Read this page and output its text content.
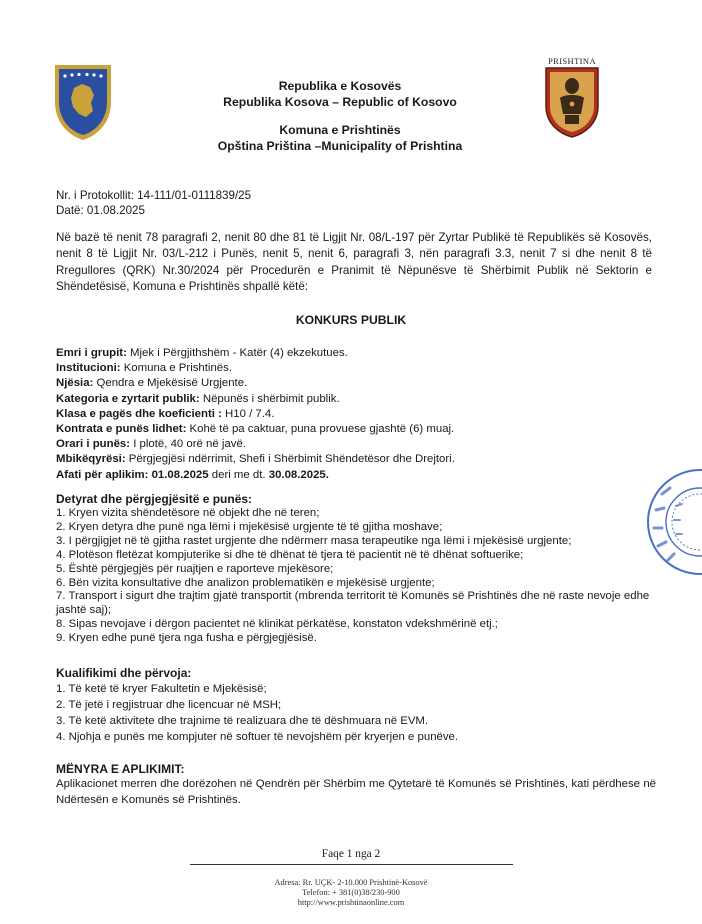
PRISHTINA
Republika e Kosovës
Republika Kosova – Republic of Kosovo
Komuna e Prishtinës
Opština Priština –Municipality of Prishtina
Nr. i Protokollit: 14-111/01-0111839/25
Datë: 01.08.2025
Në bazë të nenit 78 paragrafi 2, nenit 80 dhe 81 të Ligjit Nr. 08/L-197 për Zyrtar Publikë të Republikës së Kosovës, nenit 8 të Ligjit Nr. 03/L-212 i Punës, nenit 5, nenit 6, paragrafi 3, nën paragrafi 3.3, nenit 7 si dhe nenit 8 të Rregullores (QRK) Nr.30/2024 për Procedurën e Pranimit të Nëpunësve të Shërbimit Publik në Sektorin e Shëndetësisë, Komuna e Prishtinës shpallë këtë:
KONKURS PUBLIK
Emri i grupit: Mjek i Përgjithshëm - Katër (4) ekzekutues.
Institucioni: Komuna e Prishtinës.
Njësia: Qendra e Mjekësisë Urgjente.
Kategoria e zyrtarit publik: Nëpunës i shërbimit publik.
Klasa e pagës dhe koeficienti : H10 / 7.4.
Kontrata e punës lidhet: Kohë të pa caktuar, puna provuese gjashtë (6) muaj.
Orari i punës: I plotë, 40 orë në javë.
Mbikëqyrësi: Përgjegjësi ndërrimit, Shefi i Shërbimit Shëndetësor dhe Drejtori.
Afati për aplikim: 01.08.2025 deri me dt. 30.08.2025.
Detyrat dhe përgjegjësitë e punës:
1. Kryen vizita shëndetësore në objekt dhe në teren;
2. Kryen detyra dhe punë nga lëmi i mjekësisë urgjente të të gjitha moshave;
3. I përgjigjet në të gjitha rastet urgjente dhe ndërmerr masa terapeutike nga lëmi i mjekësisë urgjente;
4. Plotëson fletëzat kompjuterike si dhe të dhënat të tjera të pacientit në të dhënat softuerike;
5. Është përgjegjës për ruajtjen e raporteve mjekësore;
6. Bën vizita konsultative dhe analizon problematikën e mjekësisë urgjente;
7. Transport i sigurt dhe trajtim gjatë transportit (mbrenda territorit të Komunës së Prishtinës dhe në raste nevoje edhe jashtë saj);
8. Sipas nevojave i dërgon pacientet në klinikat përkatëse, konstaton vdekshmërinë etj.;
9. Kryen edhe punë tjera nga fusha e përgjegjësisë.
Kualifikimi dhe përvoja:
1. Të ketë të kryer Fakultetin e Mjekësisë;
2. Të jetë i regjistruar dhe licencuar në MSH;
3. Të ketë aktivitete dhe trajnime të realizuara dhe të dëshmuara në EVM.
4. Njohja e punës me kompjuter në softuer të nevojshëm për kryerjen e punëve.
MËNYRA E APLIKIMIT:
Aplikacionet merren dhe dorëzohen në Qendrën për Shërbim me Qytetarë të Komunës së Prishtinës, kati përdhese në Ndërtesën e Komunës së Prishtinës.
Faqe 1 nga 2
Adresa: Rr. UÇK- 2-10.000 Prishtinë-Kosovë
Telefon: + 381(0)38/230-900
http://www.prishtinaonline.com
